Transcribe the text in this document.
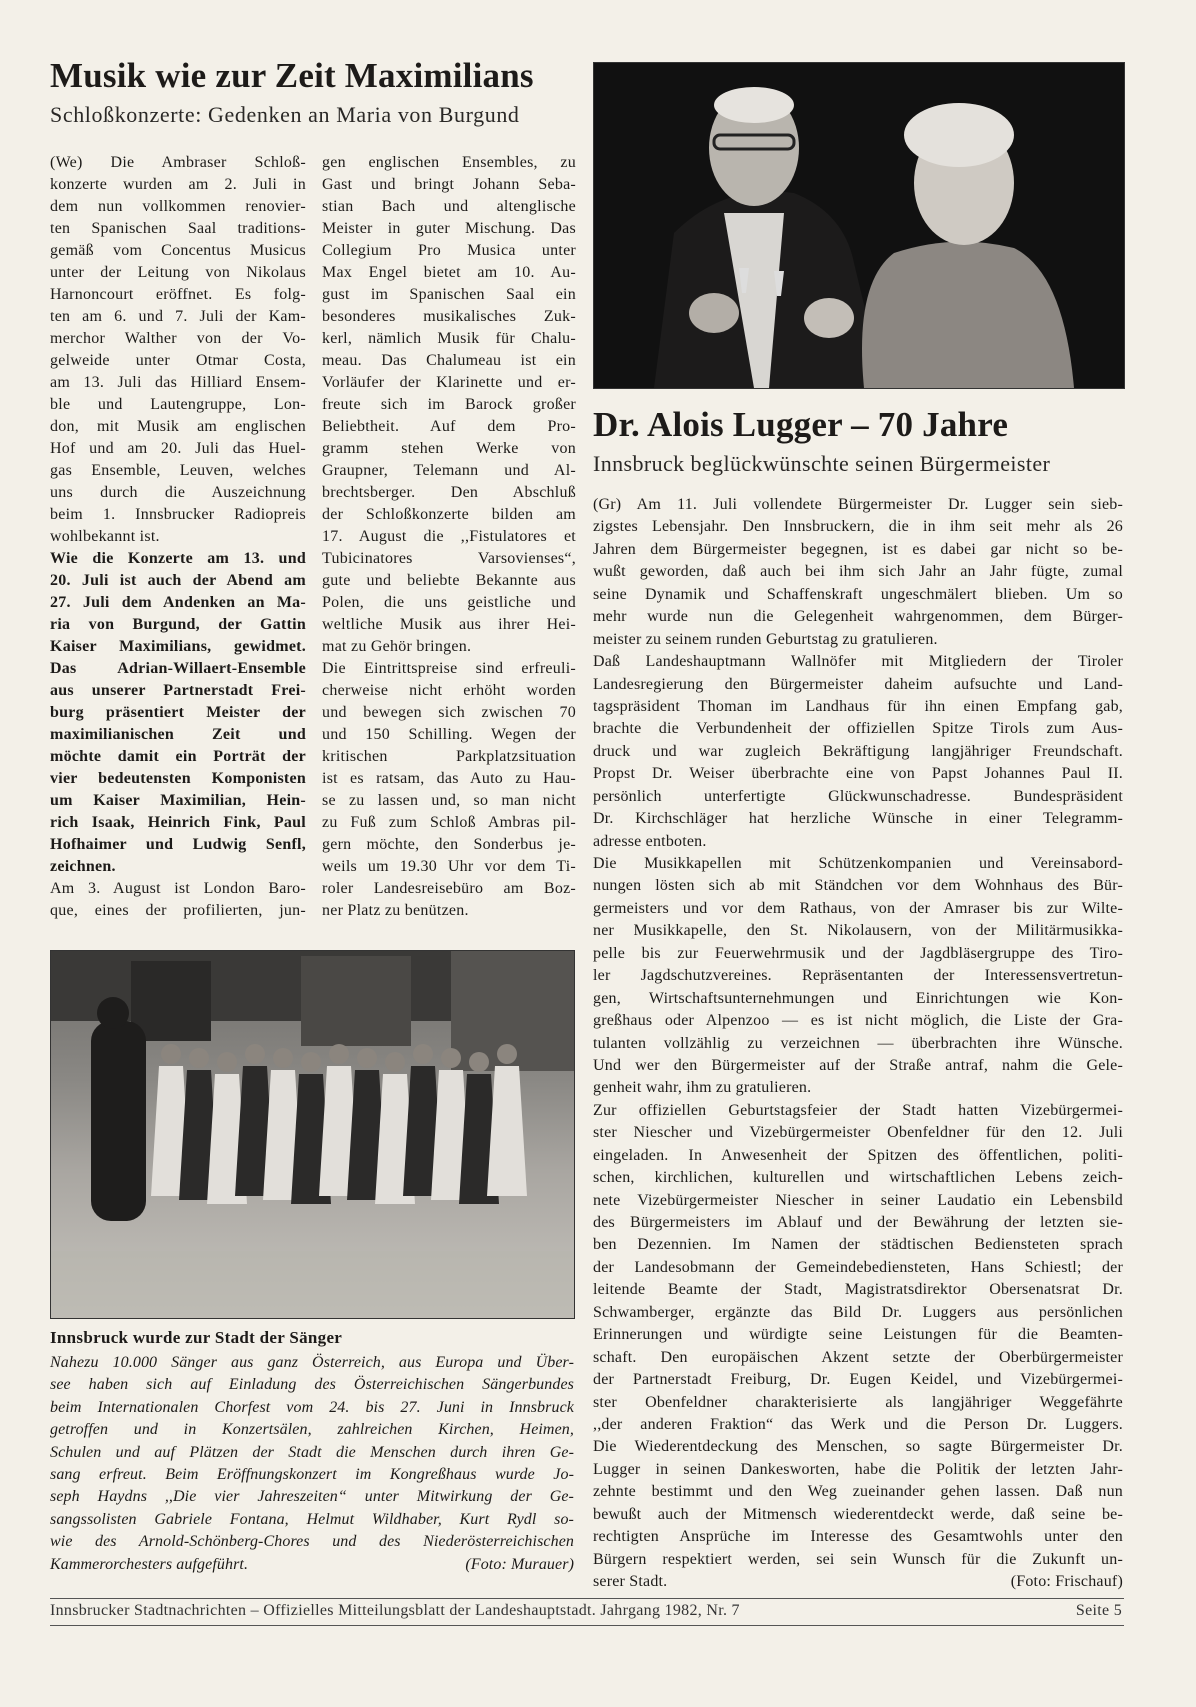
Musik wie zur Zeit Maximilians
Schloßkonzerte: Gedenken an Maria von Burgund
(We) Die Ambraser Schloß-
konzerte wurden am 2. Juli in
dem nun vollkommen renovier-
ten Spanischen Saal traditions-
gemäß vom Concentus Musicus
unter der Leitung von Nikolaus
Harnoncourt eröffnet. Es folg-
ten am 6. und 7. Juli der Kam-
merchor Walther von der Vo-
gelweide unter Otmar Costa,
am 13. Juli das Hilliard Ensem-
ble und Lautengruppe, Lon-
don, mit Musik am englischen
Hof und am 20. Juli das Huel-
gas Ensemble, Leuven, welches
uns durch die Auszeichnung
beim 1. Innsbrucker Radiopreis
wohlbekannt ist.
Wie die Konzerte am 13. und
20. Juli ist auch der Abend am
27. Juli dem Andenken an Ma-
ria von Burgund, der Gattin
Kaiser Maximilians, gewidmet.
Das Adrian-Willaert-Ensemble
aus unserer Partnerstadt Frei-
burg präsentiert Meister der
maximilianischen Zeit und
möchte damit ein Porträt der
vier bedeutensten Komponisten
um Kaiser Maximilian, Hein-
rich Isaak, Heinrich Fink, Paul
Hofhaimer und Ludwig Senfl,
zeichnen.
Am 3. August ist London Baro-
que, eines der profilierten, jun-
gen englischen Ensembles, zu
Gast und bringt Johann Seba-
stian Bach und altenglische
Meister in guter Mischung. Das
Collegium Pro Musica unter
Max Engel bietet am 10. Au-
gust im Spanischen Saal ein
besonderes musikalisches Zuk-
kerl, nämlich Musik für Chalu-
meau. Das Chalumeau ist ein
Vorläufer der Klarinette und er-
freute sich im Barock großer
Beliebtheit. Auf dem Pro-
gramm stehen Werke von
Graupner, Telemann und Al-
brechtsberger. Den Abschluß
der Schloßkonzerte bilden am
17. August die ,,Fistulatores et
Tubicinatores Varsovienses“,
gute und beliebte Bekannte aus
Polen, die uns geistliche und
weltliche Musik aus ihrer Hei-
mat zu Gehör bringen.
Die Eintrittspreise sind erfreuli-
cherweise nicht erhöht worden
und bewegen sich zwischen 70
und 150 Schilling. Wegen der
kritischen Parkplatzsituation
ist es ratsam, das Auto zu Hau-
se zu lassen und, so man nicht
zu Fuß zum Schloß Ambras pil-
gern möchte, den Sonderbus je-
weils um 19.30 Uhr vor dem Ti-
roler Landesreisebüro am Boz-
ner Platz zu benützen.
Innsbruck wurde zur Stadt der Sänger
Nahezu 10.000 Sänger aus ganz Österreich, aus Europa und Über-
see haben sich auf Einladung des Österreichischen Sängerbundes
beim Internationalen Chorfest vom 24. bis 27. Juni in Innsbruck
getroffen und in Konzertsälen, zahlreichen Kirchen, Heimen,
Schulen und auf Plätzen der Stadt die Menschen durch ihren Ge-
sang erfreut. Beim Eröffnungskonzert im Kongreßhaus wurde Jo-
seph Haydns ,,Die vier Jahreszeiten“ unter Mitwirkung der Ge-
sangssolisten Gabriele Fontana, Helmut Wildhaber, Kurt Rydl so-
wie des Arnold-Schönberg-Chores und des Niederösterreichischen
Kammerorchesters aufgeführt.	(Foto: Murauer)
Dr. Alois Lugger – 70 Jahre
Innsbruck beglückwünschte seinen Bürgermeister
(Gr) Am 11. Juli vollendete Bürgermeister Dr. Lugger sein sieb-
zigstes Lebensjahr. Den Innsbruckern, die in ihm seit mehr als 26
Jahren dem Bürgermeister begegnen, ist es dabei gar nicht so be-
wußt geworden, daß auch bei ihm sich Jahr an Jahr fügte, zumal
seine Dynamik und Schaffenskraft ungeschmälert blieben. Um so
mehr wurde nun die Gelegenheit wahrgenommen, dem Bürger-
meister zu seinem runden Geburtstag zu gratulieren.
Daß Landeshauptmann Wallnöfer mit Mitgliedern der Tiroler
Landesregierung den Bürgermeister daheim aufsuchte und Land-
tagspräsident Thoman im Landhaus für ihn einen Empfang gab,
brachte die Verbundenheit der offiziellen Spitze Tirols zum Aus-
druck und war zugleich Bekräftigung langjähriger Freundschaft.
Propst Dr. Weiser überbrachte eine von Papst Johannes Paul II.
persönlich unterfertigte Glückwunschadresse. Bundespräsident
Dr. Kirchschläger hat herzliche Wünsche in einer Telegramm-
adresse entboten.
Die Musikkapellen mit Schützenkompanien und Vereinsabord-
nungen lösten sich ab mit Ständchen vor dem Wohnhaus des Bür-
germeisters und vor dem Rathaus, von der Amraser bis zur Wilte-
ner Musikkapelle, den St. Nikolausern, von der Militärmusikka-
pelle bis zur Feuerwehrmusik und der Jagdbläsergruppe des Tiro-
ler Jagdschutzvereines. Repräsentanten der Interessensvertretun-
gen, Wirtschaftsunternehmungen und Einrichtungen wie Kon-
greßhaus oder Alpenzoo — es ist nicht möglich, die Liste der Gra-
tulanten vollzählig zu verzeichnen — überbrachten ihre Wünsche.
Und wer den Bürgermeister auf der Straße antraf, nahm die Gele-
genheit wahr, ihm zu gratulieren.
Zur offiziellen Geburtstagsfeier der Stadt hatten Vizebürgermei-
ster Niescher und Vizebürgermeister Obenfeldner für den 12. Juli
eingeladen. In Anwesenheit der Spitzen des öffentlichen, politi-
schen, kirchlichen, kulturellen und wirtschaftlichen Lebens zeich-
nete Vizebürgermeister Niescher in seiner Laudatio ein Lebensbild
des Bürgermeisters im Ablauf und der Bewährung der letzten sie-
ben Dezennien. Im Namen der städtischen Bediensteten sprach
der Landesobmann der Gemeindebediensteten, Hans Schiestl; der
leitende Beamte der Stadt, Magistratsdirektor Obersenatsrat Dr.
Schwamberger, ergänzte das Bild Dr. Luggers aus persönlichen
Erinnerungen und würdigte seine Leistungen für die Beamten-
schaft. Den europäischen Akzent setzte der Oberbürgermeister
der Partnerstadt Freiburg, Dr. Eugen Keidel, und Vizebürgermei-
ster Obenfeldner charakterisierte als langjähriger Weggefährte
,,der anderen Fraktion“ das Werk und die Person Dr. Luggers.
Die Wiederentdeckung des Menschen, so sagte Bürgermeister Dr.
Lugger in seinen Dankesworten, habe die Politik der letzten Jahr-
zehnte bestimmt und den Weg zueinander gehen lassen. Daß nun
bewußt auch der Mitmensch wiederentdeckt werde, daß seine be-
rechtigten Ansprüche im Interesse des Gesamtwohls unter den
Bürgern respektiert werden, sei sein Wunsch für die Zukunft un-
serer Stadt.	(Foto: Frischauf)
Innsbrucker Stadtnachrichten – Offizielles Mitteilungsblatt der Landeshauptstadt. Jahrgang 1982, Nr. 7	Seite 5
